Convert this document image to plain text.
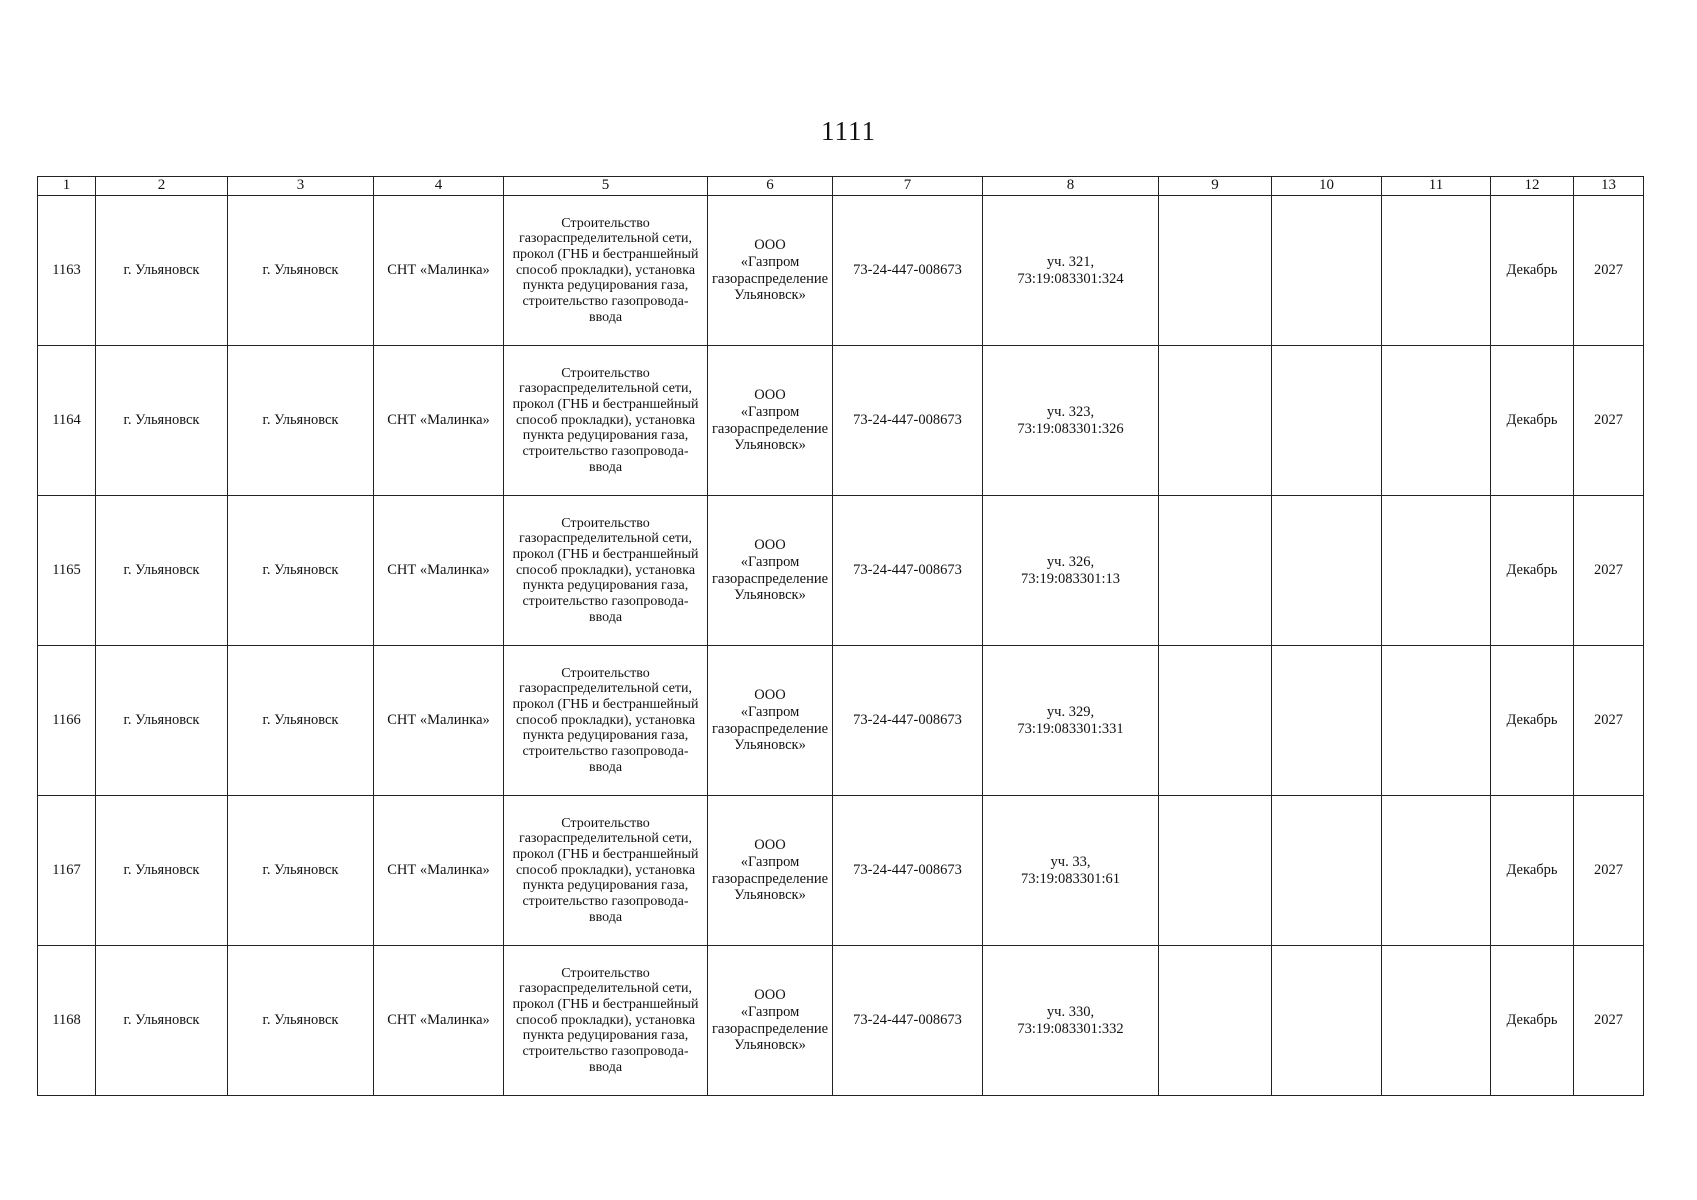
1111
1	2	3	4	5	6	7	8	9	10	11	12	13
1163	г. Ульяновск	г. Ульяновск	СНТ «Малинка»	Строительство газораспределительной сети, прокол (ГНБ и бестраншейный способ прокладки), установка пункта редуцирования газа, строительство газопровода-ввода	ООО
«Газпром
газораспределение
Ульяновск»	73-24-447-008673	уч. 321,
73:19:083301:324				Декабрь	2027
1164	г. Ульяновск	г. Ульяновск	СНТ «Малинка»	Строительство газораспределительной сети, прокол (ГНБ и бестраншейный способ прокладки), установка пункта редуцирования газа, строительство газопровода-ввода	ООО
«Газпром
газораспределение
Ульяновск»	73-24-447-008673	уч. 323,
73:19:083301:326				Декабрь	2027
1165	г. Ульяновск	г. Ульяновск	СНТ «Малинка»	Строительство газораспределительной сети, прокол (ГНБ и бестраншейный способ прокладки), установка пункта редуцирования газа, строительство газопровода-ввода	ООО
«Газпром
газораспределение
Ульяновск»	73-24-447-008673	уч. 326,
73:19:083301:13				Декабрь	2027
1166	г. Ульяновск	г. Ульяновск	СНТ «Малинка»	Строительство газораспределительной сети, прокол (ГНБ и бестраншейный способ прокладки), установка пункта редуцирования газа, строительство газопровода-ввода	ООО
«Газпром
газораспределение
Ульяновск»	73-24-447-008673	уч. 329,
73:19:083301:331				Декабрь	2027
1167	г. Ульяновск	г. Ульяновск	СНТ «Малинка»	Строительство газораспределительной сети, прокол (ГНБ и бестраншейный способ прокладки), установка пункта редуцирования газа, строительство газопровода-ввода	ООО
«Газпром
газораспределение
Ульяновск»	73-24-447-008673	уч. 33,
73:19:083301:61				Декабрь	2027
1168	г. Ульяновск	г. Ульяновск	СНТ «Малинка»	Строительство газораспределительной сети, прокол (ГНБ и бестраншейный способ прокладки), установка пункта редуцирования газа, строительство газопровода-ввода	ООО
«Газпром
газораспределение
Ульяновск»	73-24-447-008673	уч. 330,
73:19:083301:332				Декабрь	2027
